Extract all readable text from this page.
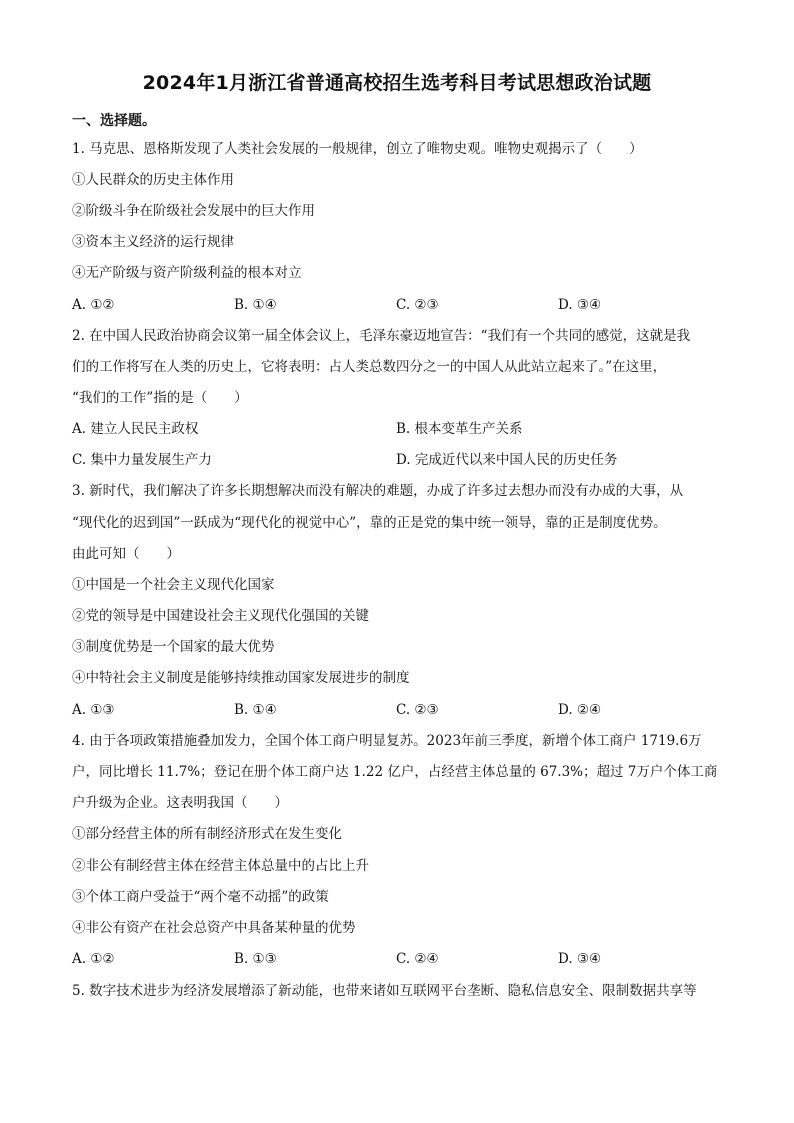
2024年1月浙江省普通高校招生选考科目考试思想政治试题
一、选择题。
1. 马克思、恩格斯发现了人类社会发展的一般规律，创立了唯物史观。唯物史观揭示了（　　）
①人民群众的历史主体作用
②阶级斗争在阶级社会发展中的巨大作用
③资本主义经济的运行规律
④无产阶级与资产阶级利益的根本对立
A. ①②	B. ①④	C. ②③	D. ③④
2. 在中国人民政治协商会议第一届全体会议上，毛泽东豪迈地宣告：“我们有一个共同的感觉，这就是我
们的工作将写在人类的历史上，它将表明：占人类总数四分之一的中国人从此站立起来了。”在这里，
“我们的工作”指的是（　　）
A. 建立人民民主政权	B. 根本变革生产关系
C. 集中力量发展生产力	D. 完成近代以来中国人民的历史任务
3. 新时代，我们解决了许多长期想解决而没有解决的难题，办成了许多过去想办而没有办成的大事，从
“现代化的迟到国”一跃成为“现代化的视觉中心”，靠的正是党的集中统一领导，靠的正是制度优势。
由此可知（　　）
①中国是一个社会主义现代化国家
②党的领导是中国建设社会主义现代化强国的关键
③制度优势是一个国家的最大优势
④中特社会主义制度是能够持续推动国家发展进步的制度
A. ①③	B. ①④	C. ②③	D. ②④
4. 由于各项政策措施叠加发力，全国个体工商户明显复苏。2023年前三季度，新增个体工商户 1719.6万
户，同比增长 11.7%；登记在册个体工商户达 1.22 亿户，占经营主体总量的 67.3%；超过 7万户个体工商
户升级为企业。这表明我国（　　）
①部分经营主体的所有制经济形式在发生变化
②非公有制经营主体在经营主体总量中的占比上升
③个体工商户受益于“两个毫不动摇”的政策
④非公有资产在社会总资产中具备某种量的优势
A. ①②	B. ①③	C. ②④	D. ③④
5. 数字技术进步为经济发展增添了新动能，也带来诸如互联网平台垄断、隐私信息安全、限制数据共享等
